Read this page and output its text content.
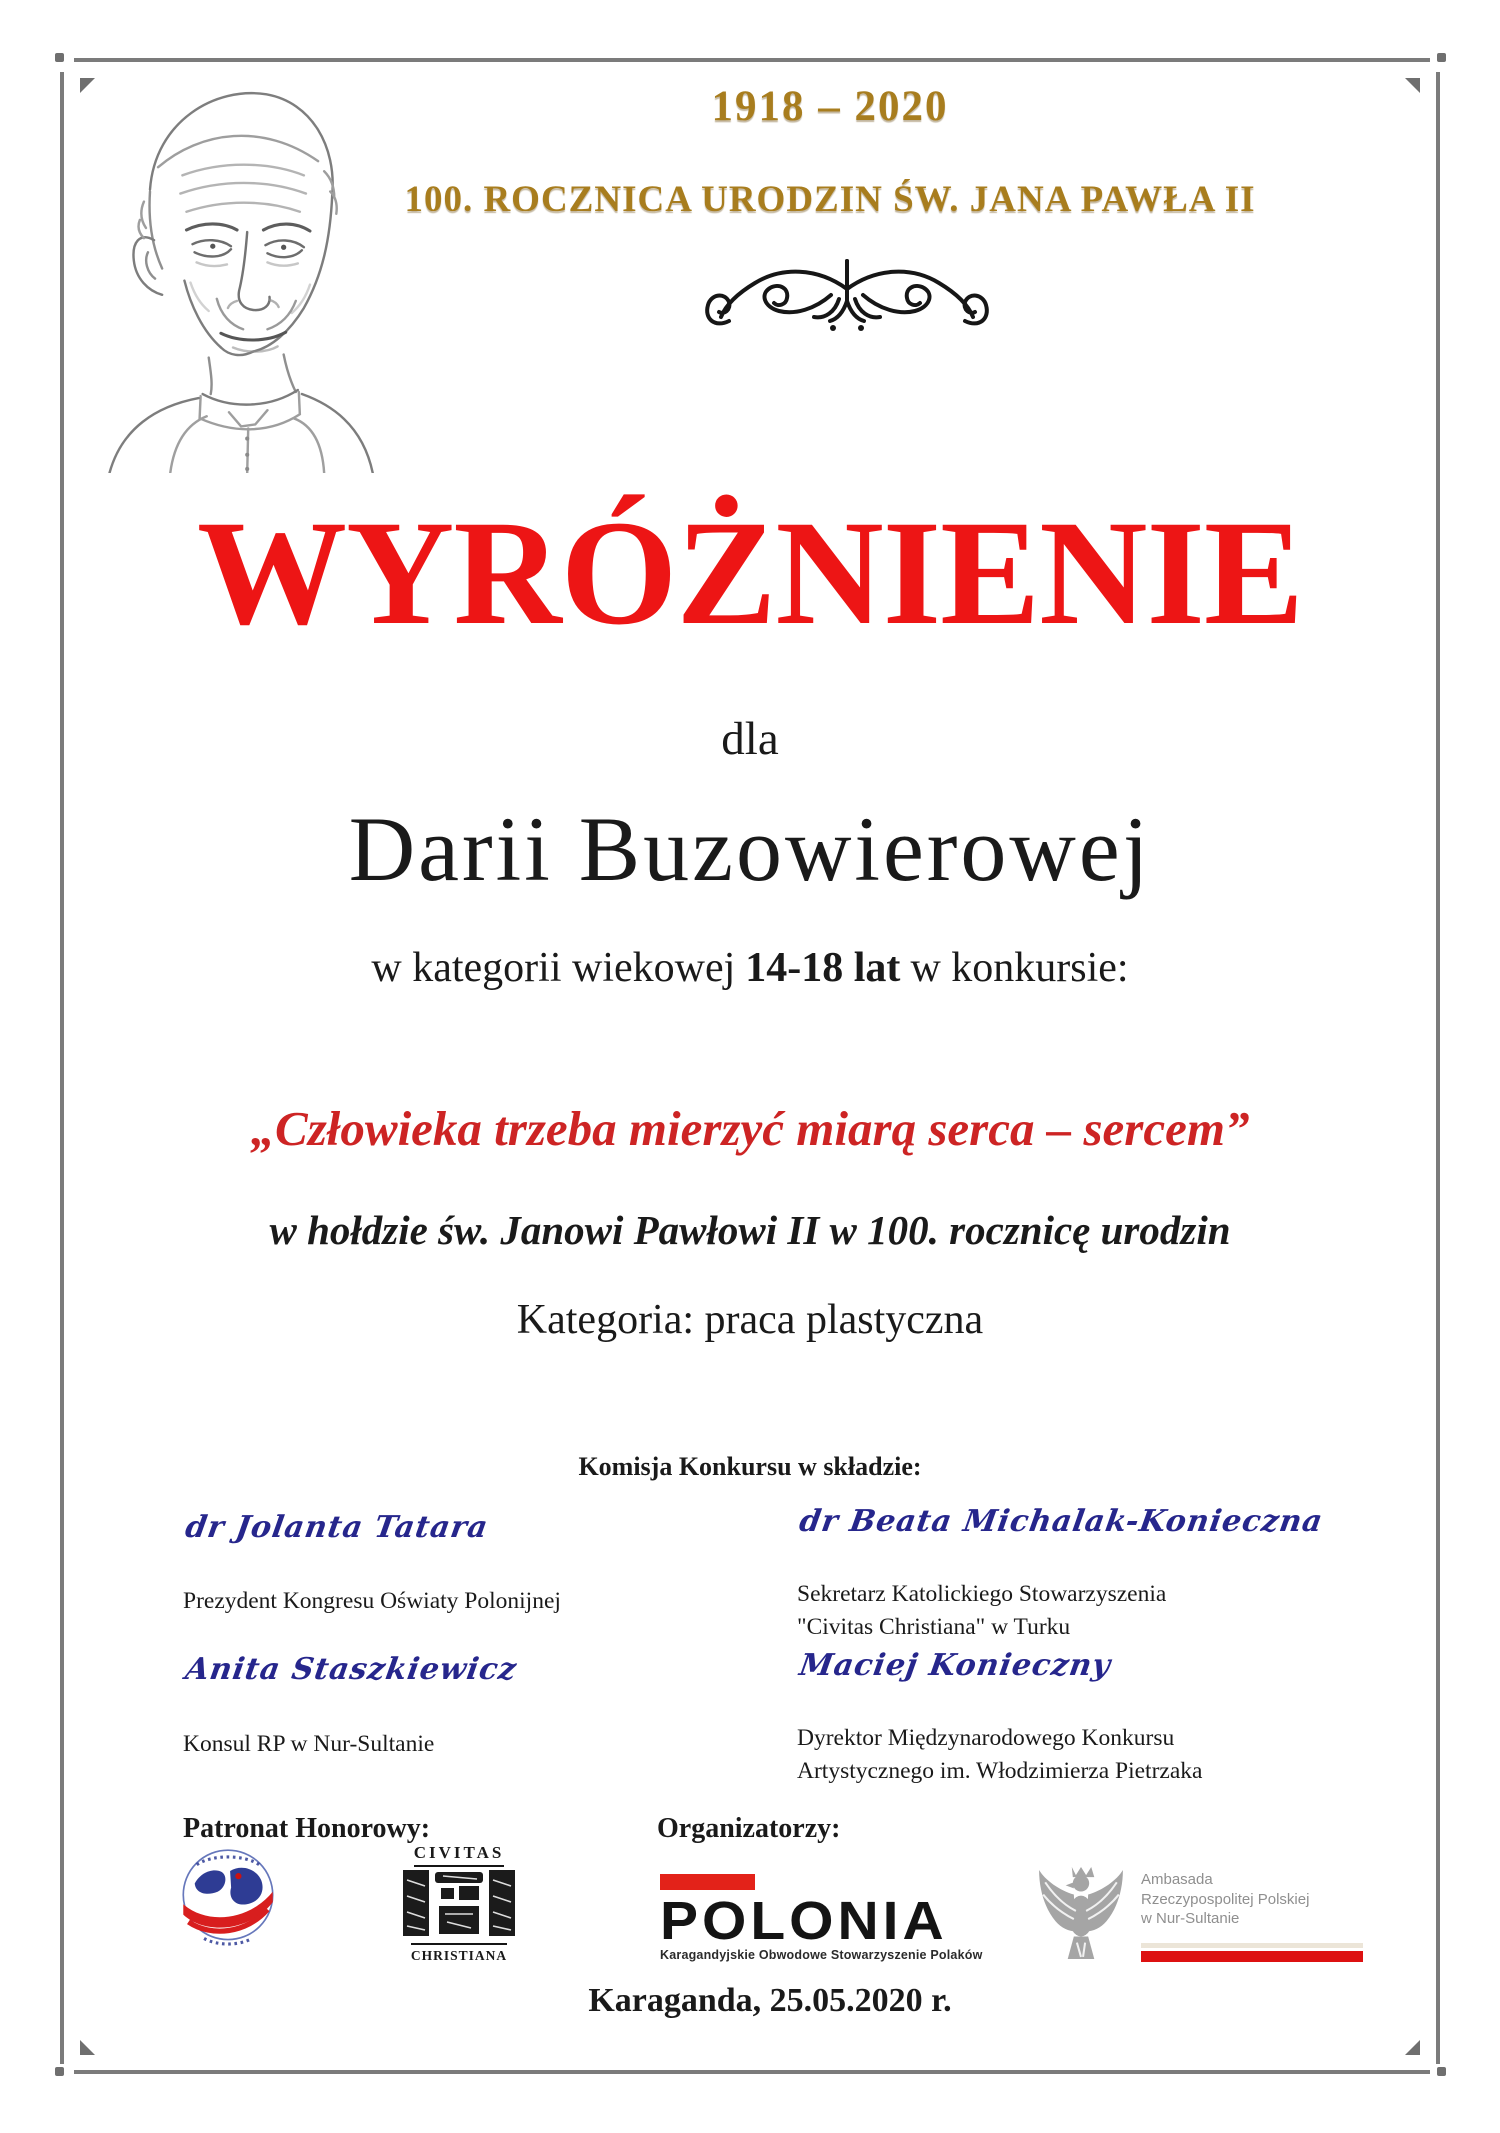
1918 – 2020
100. ROCZNICA URODZIN ŚW. JANA PAWŁA II
WYRÓŻNIENIE
dla
Darii Buzowierowej
w kategorii wiekowej 14-18 lat w konkursie:
„Człowieka trzeba mierzyć miarą serca – sercem”
w hołdzie św. Janowi Pawłowi II w 100. rocznicę urodzin
Kategoria: praca plastyczna
Komisja Konkursu w składzie:
dr Jolanta Tatara
Prezydent Kongresu Oświaty Polonijnej
dr Beata Michalak-Konieczna
Sekretarz Katolickiego Stowarzyszenia "Civitas Christiana" w Turku
Anita Staszkiewicz
Konsul RP w Nur-Sultanie
Maciej Konieczny
Dyrektor Międzynarodowego Konkursu Artystycznego im. Włodzimierza Pietrzaka
Patronat Honorowy:	Organizatorzy:
CIVITAS
CHRISTIANA
POLONIA
Karagandyjskie Obwodowe Stowarzyszenie Polaków
Ambasada
Rzeczypospolitej Polskiej
w Nur-Sultanie
Karaganda, 25.05.2020 r.
